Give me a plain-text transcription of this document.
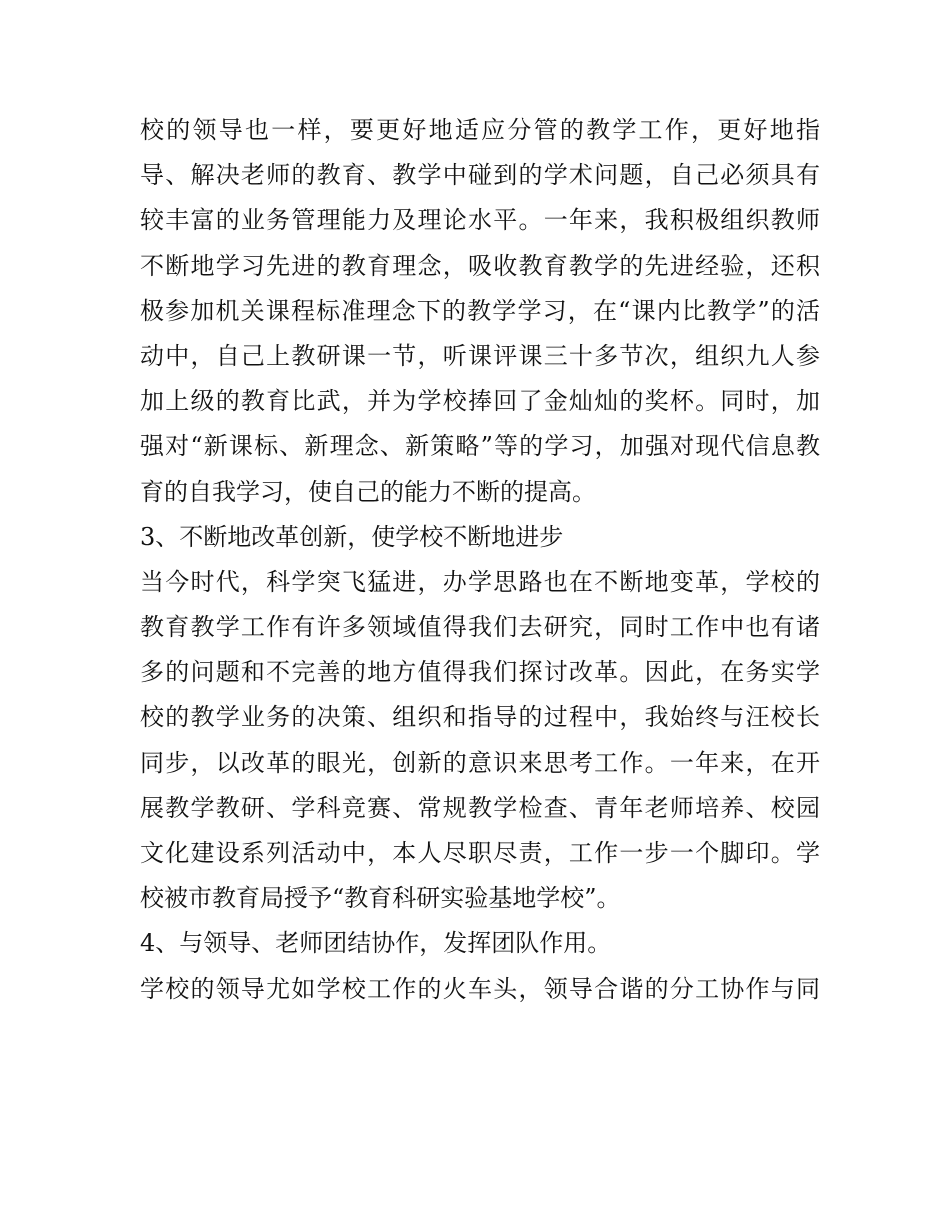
校的领导也一样，要更好地适应分管的教学工作，更好地指
导、解决老师的教育、教学中碰到的学术问题，自己必须具有
较丰富的业务管理能力及理论水平。一年来，我积极组织教师
不断地学习先进的教育理念，吸收教育教学的先进经验，还积
极参加机关课程标准理念下的教学学习，在“课内比教学”的活
动中，自己上教研课一节，听课评课三十多节次，组织九人参
加上级的教育比武，并为学校捧回了金灿灿的奖杯。同时，加
强对“新课标、新理念、新策略”等的学习，加强对现代信息教
育的自我学习，使自己的能力不断的提高。
3、不断地改革创新，使学校不断地进步
当今时代，科学突飞猛进，办学思路也在不断地变革，学校的
教育教学工作有许多领域值得我们去研究，同时工作中也有诸
多的问题和不完善的地方值得我们探讨改革。因此，在务实学
校的教学业务的决策、组织和指导的过程中，我始终与汪校长
同步，以改革的眼光，创新的意识来思考工作。一年来，在开
展教学教研、学科竞赛、常规教学检查、青年老师培养、校园
文化建设系列活动中，本人尽职尽责，工作一步一个脚印。学
校被市教育局授予“教育科研实验基地学校”。
4、与领导、老师团结协作，发挥团队作用。
学校的领导尤如学校工作的火车头，领导合谐的分工协作与同
